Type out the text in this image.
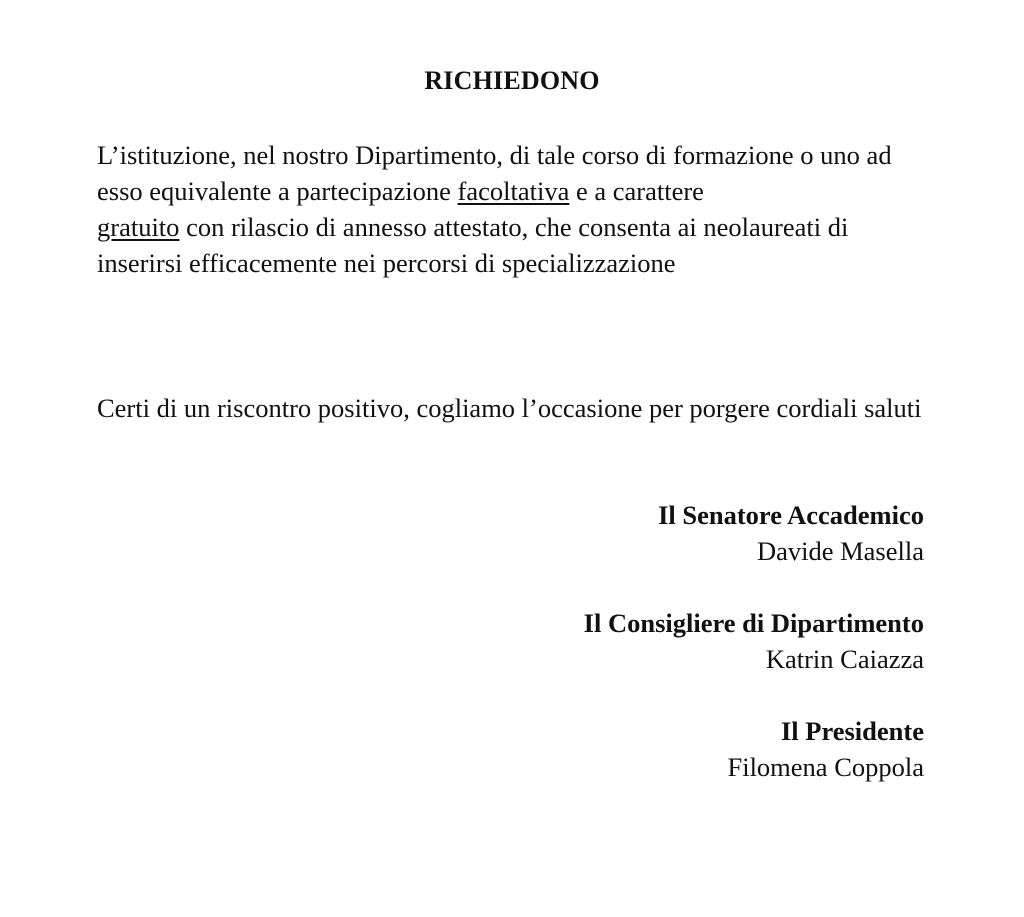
RICHIEDONO
L’istituzione, nel nostro Dipartimento, di tale corso di formazione o uno ad esso equivalente a partecipazione facoltativa e a carattere
gratuito con rilascio di annesso attestato, che consenta ai neolaureati di inserirsi efficacemente nei percorsi di specializzazione
Certi di un riscontro positivo, cogliamo l’occasione per porgere cordiali saluti
Il Senatore Accademico
Davide Masella
Il Consigliere di Dipartimento
Katrin Caiazza
Il Presidente
Filomena Coppola
